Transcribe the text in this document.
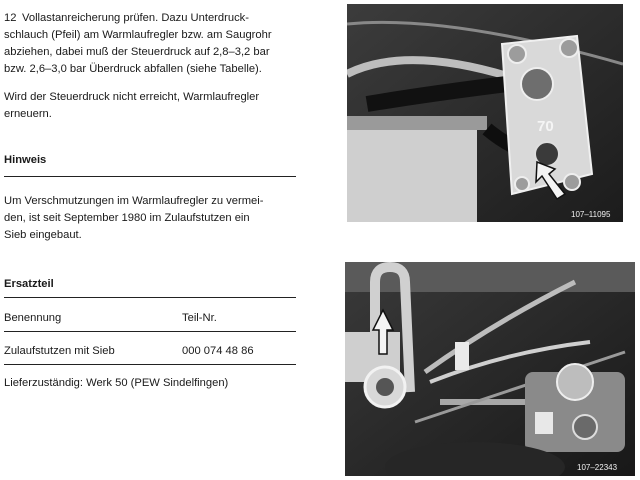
12 Vollastanreicherung prüfen. Dazu Unterdruck-
schlauch (Pfeil) am Warmlaufregler bzw. am Saugrohr
abziehen, dabei muß der Steuerdruck auf 2,8–3,2 bar
bzw. 2,6–3,0 bar Überdruck abfallen (siehe Tabelle).

Wird der Steuerdruck nicht erreicht, Warmlaufregler
erneuern.

Hinweis

Um Verschmutzungen im Warmlaufregler zu vermei-
den, ist seit September 1980 im Zulaufstutzen ein
Sieb eingebaut.

Ersatzteil
Benennung	Teil-Nr.
Zulaufstutzen mit Sieb	000 074 48 86
Lieferzuständig: Werk 50 (PEW Sindelfingen)
70
107–11095
107–22343
